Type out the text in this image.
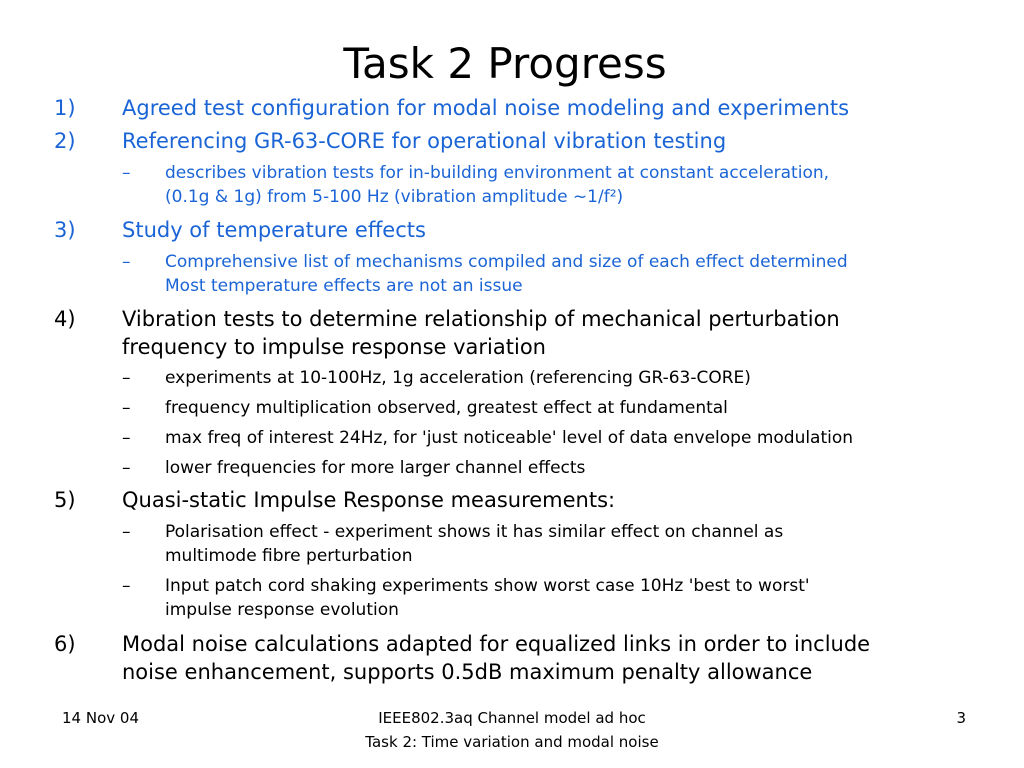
Task 2 Progress
1) Agreed test configuration for modal noise modeling and experiments
2) Referencing GR-63-CORE for operational vibration testing
– describes vibration tests for in-building environment at constant acceleration,
(0.1g & 1g) from 5-100 Hz (vibration amplitude ~1/f²)
3) Study of temperature effects
– Comprehensive list of mechanisms compiled and size of each effect determined
Most temperature effects are not an issue
4) Vibration tests to determine relationship of mechanical perturbation
frequency to impulse response variation
– experiments at 10-100Hz, 1g acceleration (referencing GR-63-CORE)
– frequency multiplication observed, greatest effect at fundamental
– max freq of interest 24Hz, for 'just noticeable' level of data envelope modulation
– lower frequencies for more larger channel effects
5) Quasi-static Impulse Response measurements:
– Polarisation effect - experiment shows it has similar effect on channel as
multimode fibre perturbation
– Input patch cord shaking experiments show worst case 10Hz 'best to worst'
impulse response evolution
6) Modal noise calculations adapted for equalized links in order to include
noise enhancement, supports 0.5dB maximum penalty allowance
14 Nov 04	IEEE802.3aq Channel model ad hoc
Task 2: Time variation and modal noise
3
